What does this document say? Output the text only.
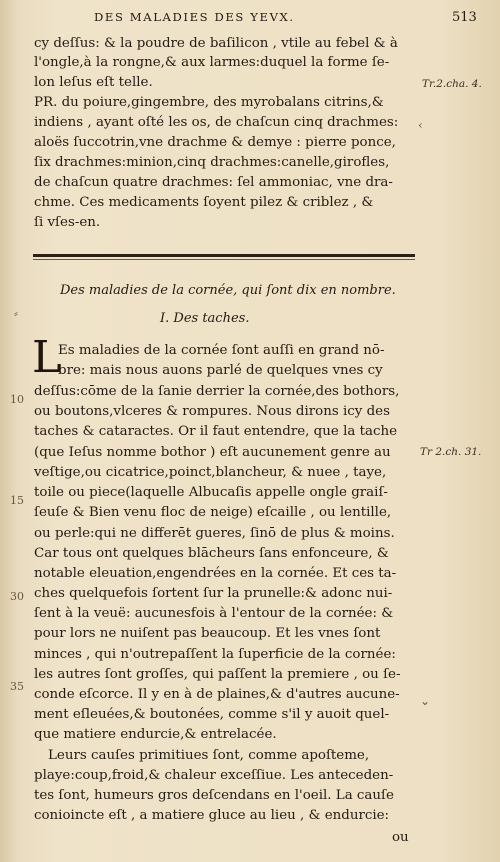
DES MALADIES DES YEVX.	513
cy deſſus: & la poudre de baſilicon , vtile au febel & à
l'ongle,à la rongne,& aux larmes:duquel la forme ſe-
lon leſus eſt telle.
PR. du poiure,gingembre, des myrobalans citrins,&
indiens , ayant oſté les os, de chaſcun cinq drachmes:
aloës ſuccotrin,vne drachme & demye : pierre ponce,
ſix drachmes:minion,cinq drachmes:canelle,girofles,
de chaſcun quatre drachmes: ſel ammoniac, vne dra-
chme. Ces medicaments ſoyent pilez & criblez , &
ſi vſes-en.
Tr.2.cha. 4.
‹
Des maladies de la cornée, qui ſont dix en nombre.
I. Des taches.
L
Es maladies de la cornée ſont auſſi en grand nō-
bre: mais nous auons parlé de quelques vnes cy
deſſus:cōme de la ſanie derrier la cornée,des bothors,
ou boutons,vlceres & rompures. Nous dirons icy des
taches & cataractes. Or il faut entendre, que la tache
(que Ieſus nomme bothor ) eſt aucunement genre au
veſtige,ou cicatrice,poinct,blancheur, & nuee , taye,
toile ou piece(laquelle Albucaſis appelle ongle graiſ-
ſeuſe & Bien venu floc de neige) eſcaille , ou lentille,
ou perle:qui ne differēt gueres, ſinō de plus & moins.
Car tous ont quelques blācheurs ſans enfonceure, &
notable eleuation,engendrées en la cornée. Et ces ta-
ches quelquefois ſortent ſur la prunelle:& adonc nui-
ſent à la veuë: aucunesfois à l'entour de la cornée: &
pour lors ne nuiſent pas beaucoup. Et les vnes ſont
minces , qui n'outrepaſſent la ſuperficie de la cornée:
les autres ſont groſſes, qui paſſent la premiere , ou ſe-
conde eſcorce. Il y en à de plaines,& d'autres aucune-
ment eſleuées,& boutonées, comme s'il y auoit quel-
que matiere endurcie,& entrelacée.
Leurs cauſes primitiues ſont, comme apoſteme,
playe:coup,froid,& chaleur exceſſiue. Les anteceden-
tes ſont, humeurs gros deſcendans en l'oeil. La cauſe
conioincte eſt , a matiere gluce au lieu , & endurcie:
ou
Tr 2.ch. 31.
10
15
30
35
⸗
⌄
